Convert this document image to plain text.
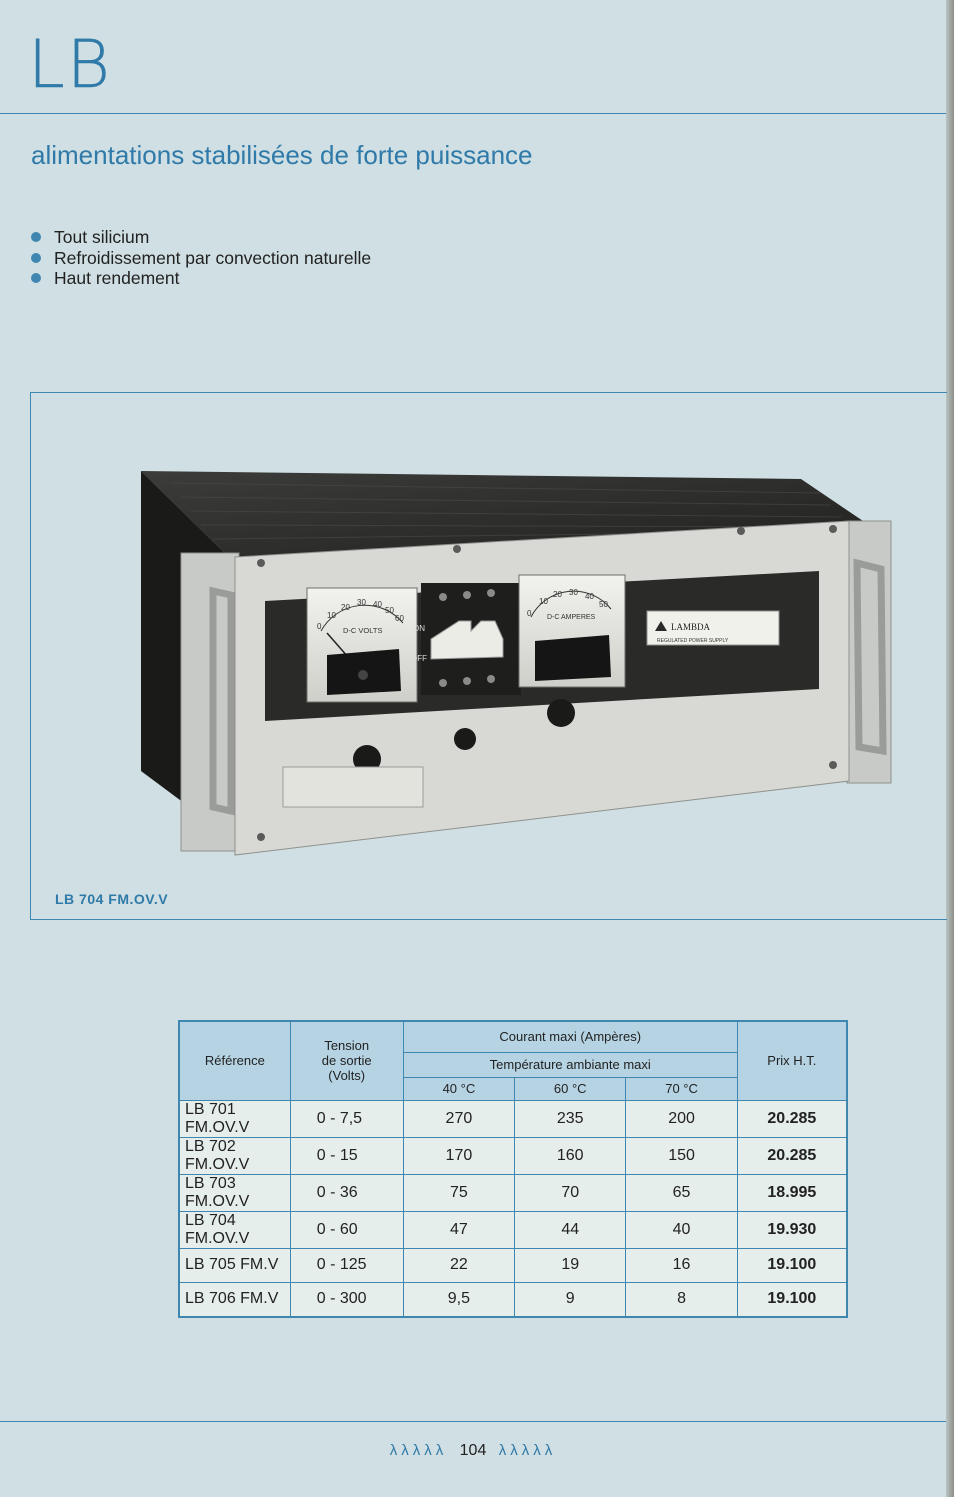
LB
alimentations stabilisées de forte puissance
Tout silicium
Refroidissement par convection naturelle
Haut rendement
0
10
20
30 40
50
60
D-C VOLTS	ON
OFF
0
10
20 30 40
50
D-C AMPERES
LAMBDA
REGULATED POWER SUPPLY
LB 704 FM.OV.V
Référence	Tension
de sortie
(Volts)	Courant maxi (Ampères)			Prix H.T.
		Température ambiante maxi			
		40 °C	60 °C	70 °C	
LB 701 FM.OV.V	0 - 7,5	270	235	200	20.285
LB 702 FM.OV.V	0 - 15	170	160	150	20.285
LB 703 FM.OV.V	0 - 36	75	70	65	18.995
LB 704 FM.OV.V	0 - 60	47	44	40	19.930
LB 705 FM.V	0 - 125	22	19	16	19.100
LB 706 FM.V	0 - 300	9,5	9	8	19.100
λλλλλ 104 λλλλλ
